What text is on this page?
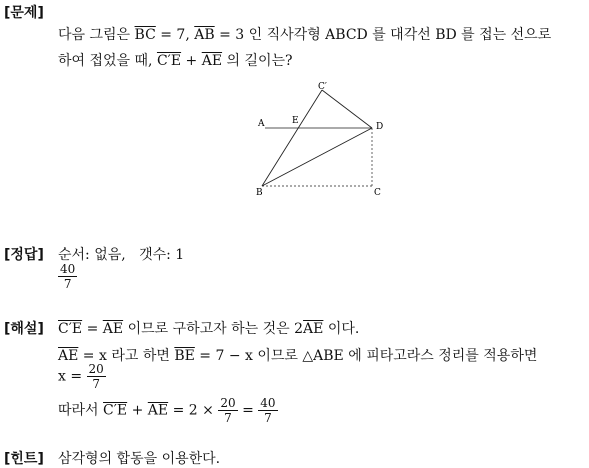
[문제]
다음 그림은 $\overline{BC} = 7$, $\overline{AB} = 3$ 인 직사각형 ABCD 를 대각선 BD 를 접는 선으로
하여 접었을 때, $C'E + \overline{AE}$ 의 길이는?
A	E
D
B	C
C′
[정답] 순서: 없음, 갯수: 1
$\frac{40}{7}$
[해설] $C'E = \overline{AE}$ 이므로 구하고자 하는 것은 $2\overline{AE}$ 이다.
$\overline{AE} = x$ 라고 하면 $\overline{BE} = 7 - x$ 이므로 △ABE 에 피타고라스 정리를 적용하면
$x = \frac{20}{7}$
따라서 $C'E + \overline{AE} = 2 \times \frac{20}{7} = \frac{40}{7}$
[힌트] 삼각형의 합동을 이용한다.
